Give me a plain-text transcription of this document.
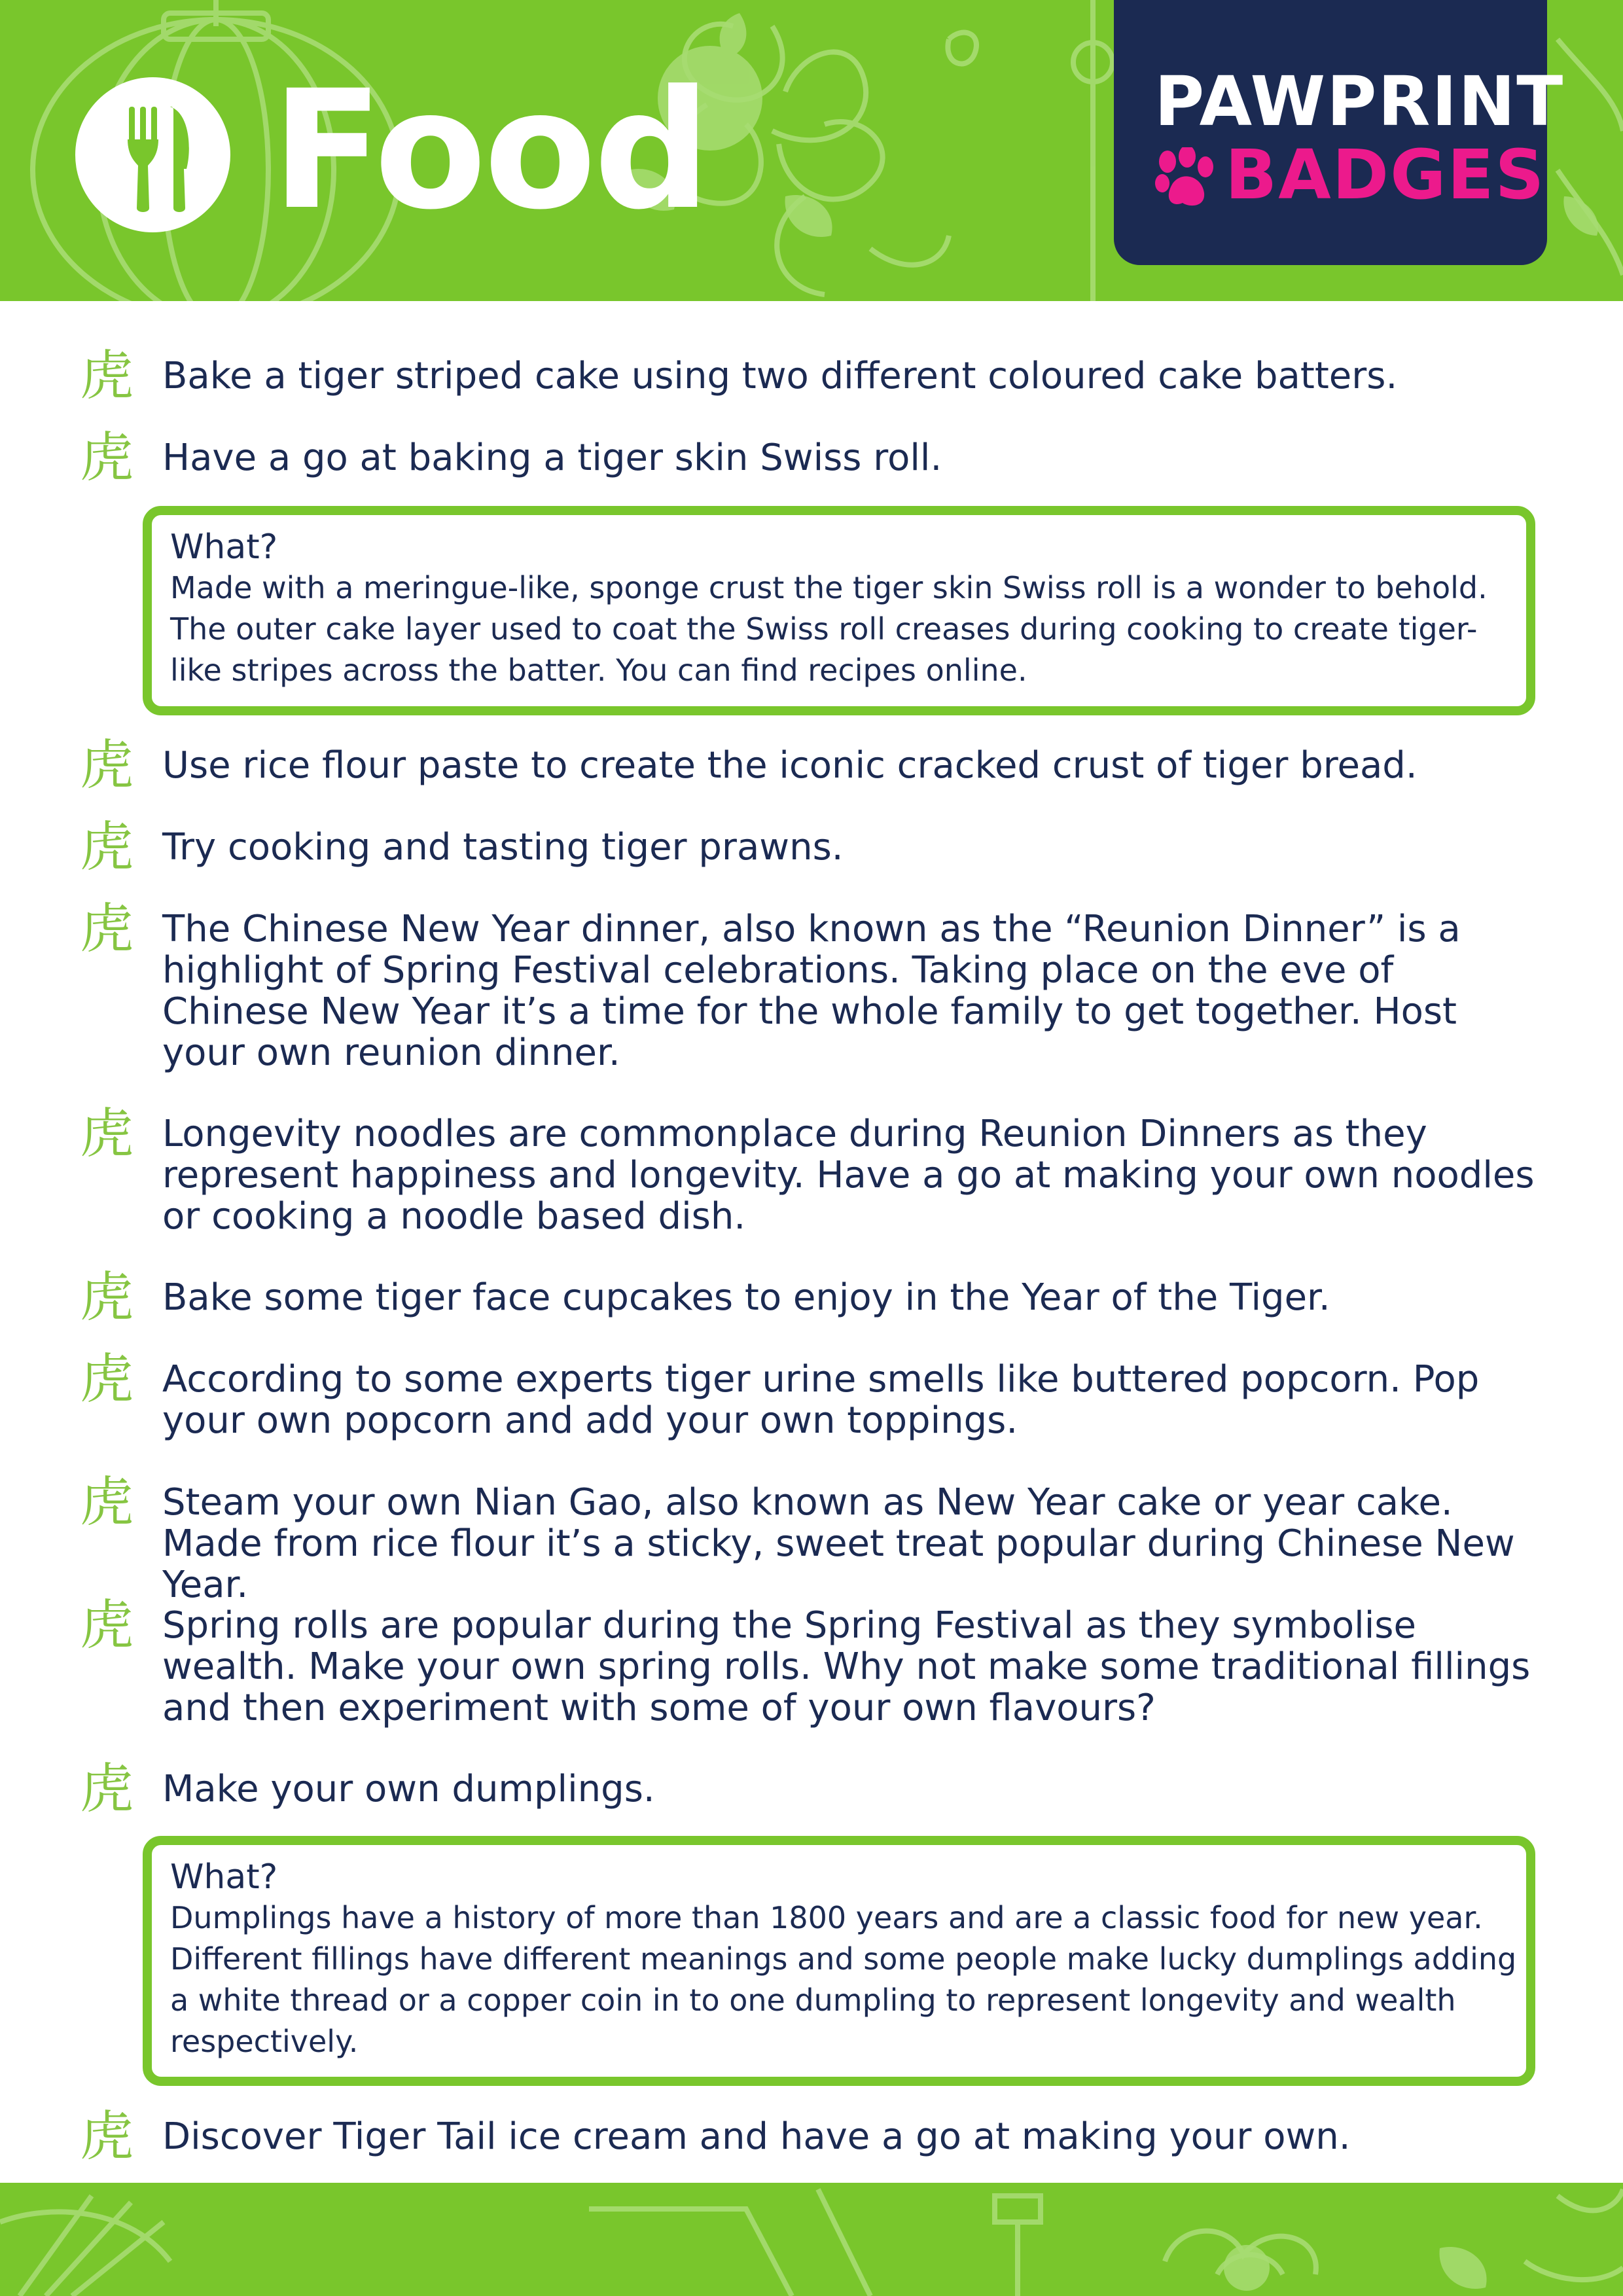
Food	PAWPRINT
BADGES
虎 Bake a tiger striped cake using two different coloured cake batters.
虎 Have a go at baking a tiger skin Swiss roll.
What?
Made with a meringue-like, sponge crust the tiger skin Swiss roll is a wonder to behold. The outer cake layer used to coat the Swiss roll creases during cooking to create tiger-like stripes across the batter. You can find recipes online.
虎 Use rice flour paste to create the iconic cracked crust of tiger bread.
虎 Try cooking and tasting tiger prawns.
虎 The Chinese New Year dinner, also known as the “Reunion Dinner” is a highlight of Spring Festival celebrations. Taking place on the eve of Chinese New Year it’s a time for the whole family to get together. Host your own reunion dinner.
虎 Longevity noodles are commonplace during Reunion Dinners as they represent happiness and longevity. Have a go at making your own noodles or cooking a noodle based dish.
虎 Bake some tiger face cupcakes to enjoy in the Year of the Tiger.
虎 According to some experts tiger urine smells like buttered popcorn. Pop your own popcorn and add your own toppings.
虎 Steam your own Nian Gao, also known as New Year cake or year cake. Made from rice flour it’s a sticky, sweet treat popular during Chinese New Year.
虎 Spring rolls are popular during the Spring Festival as they symbolise wealth. Make your own spring rolls. Why not make some traditional fillings and then experiment with some of your own flavours?
虎 Make your own dumplings.
What?
Dumplings have a history of more than 1800 years and are a classic food for new year. Different fillings have different meanings and some people make lucky dumplings adding a white thread or a copper coin in to one dumpling to represent longevity and wealth respectively.
虎 Discover Tiger Tail ice cream and have a go at making your own.
